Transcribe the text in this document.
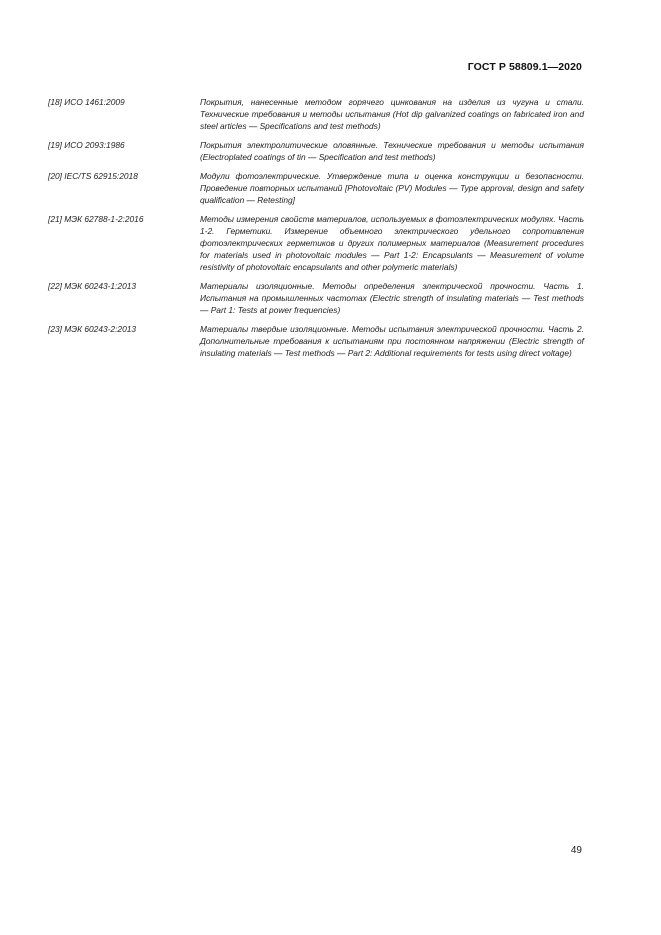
ГОСТ Р 58809.1—2020
[18] ИСО 1461:2009	Покрытия, нанесенные методом горячего цинкования на изделия из чугуна и стали. Технические требования и методы испытания (Hot dip galvanized coatings on fabricated iron and steel articles — Specifications and test methods)
[19] ИСО 2093:1986	Покрытия электролитические оловянные. Технические требования и методы испытания (Electroplated coatings of tin — Specification and test methods)
[20] IEC/TS 62915:2018	Модули фотоэлектрические. Утверждение типа и оценка конструкции и безопасности. Проведение повторных испытаний [Photovoltaic (PV) Modules — Type approval, design and safety qualification — Retesting]
[21] МЭК 62788-1-2:2016	Методы измерения свойств материалов, используемых в фотоэлектрических модулях. Часть 1-2. Герметики. Измерение объемного электрического удельного сопротивления фотоэлектрических герметиков и других полимерных материалов (Measurement procedures for materials used in photovoltaic modules — Part 1-2: Encapsulants — Measurement of volume resistivity of photovoltaic encapsulants and other polymeric materials)
[22] МЭК 60243-1:2013	Материалы изоляционные. Методы определения электрической прочности. Часть 1. Испытания на промышленных частотах (Electric strength of insulating materials — Test methods — Part 1: Tests at power frequencies)
[23] МЭК 60243-2:2013	Материалы твердые изоляционные. Методы испытания электрической прочности. Часть 2. Дополнительные требования к испытаниям при постоянном напряжении (Electric strength of insulating materials — Test methods — Part 2: Additional requirements for tests using direct voltage)
49
